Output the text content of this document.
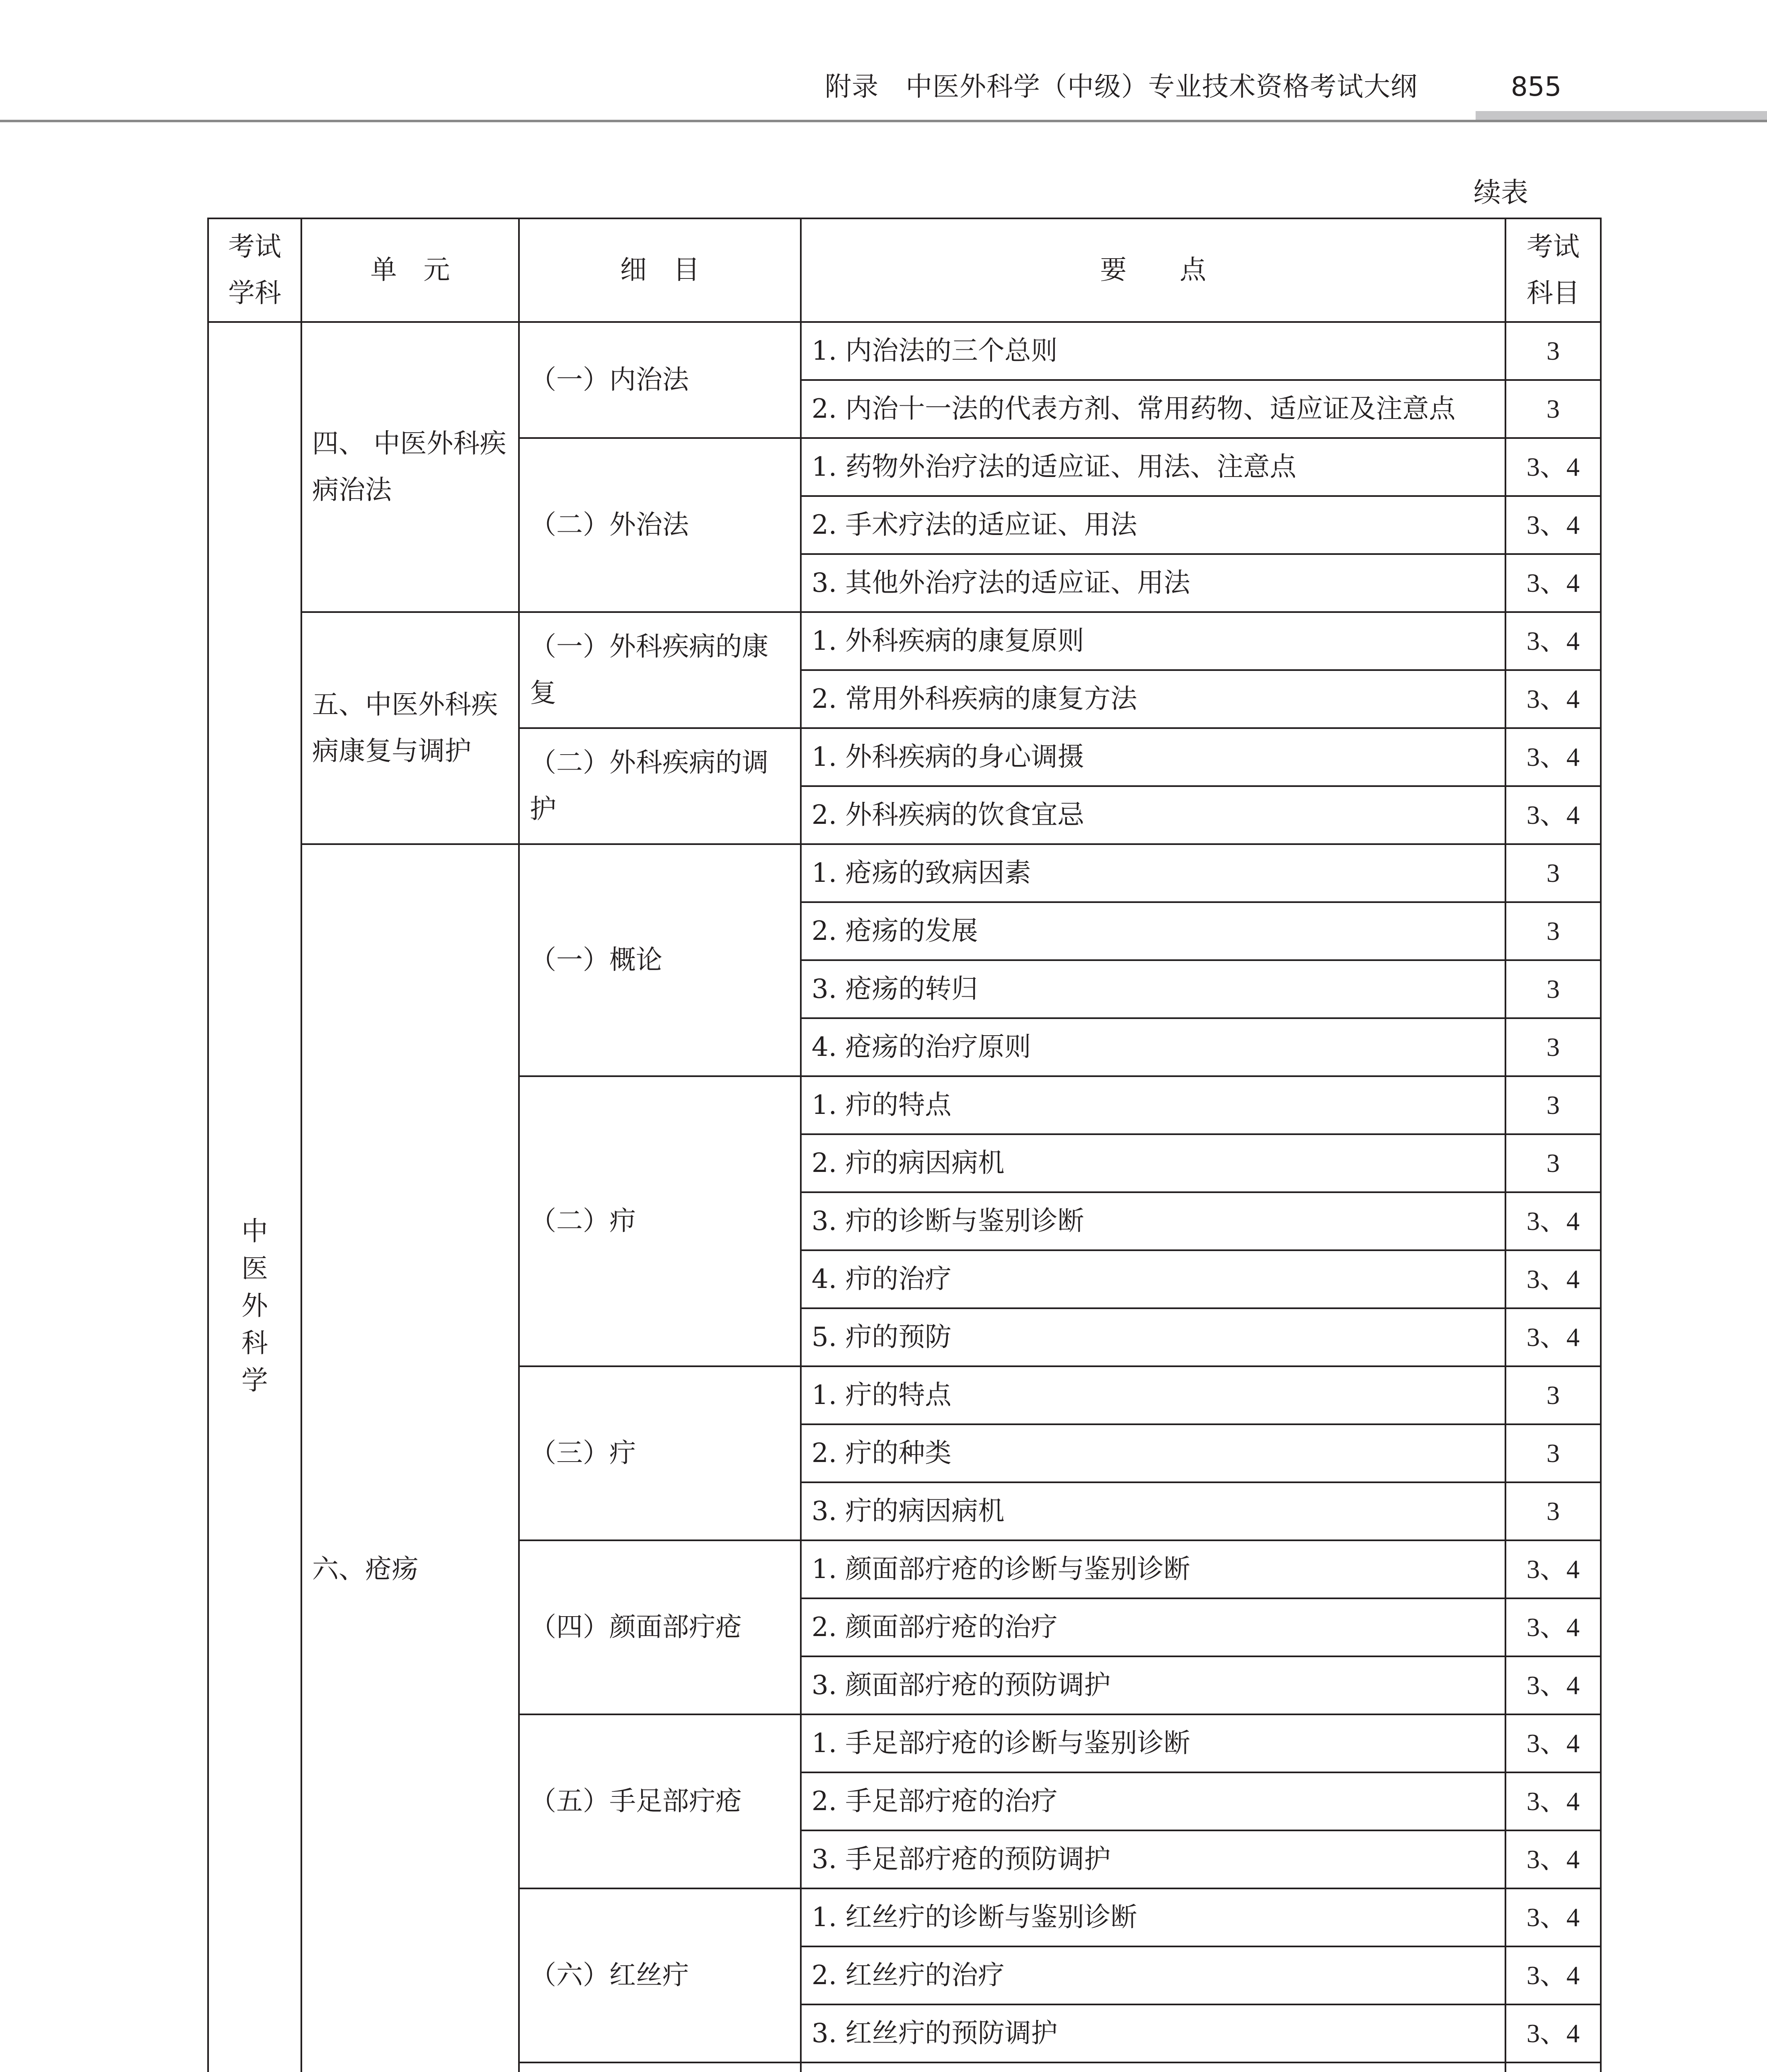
附录　中医外科学（中级）专业技术资格考试大纲	855
续表
考试学科	单　元	细　目	要　　点	考试科目
中医外科学	四、 中医外科疾病治法	（一）内治法	1. 内治法的三个总则	3
			2. 内治十一法的代表方剂、常用药物、适应证及注意点	3
		（二）外治法	1. 药物外治疗法的适应证、用法、注意点	3、4
			2. 手术疗法的适应证、用法	3、4
			3. 其他外治疗法的适应证、用法	3、4
	五、中医外科疾病康复与调护	（一）外科疾病的康复	1. 外科疾病的康复原则	3、4
			2. 常用外科疾病的康复方法	3、4
		（二）外科疾病的调护	1. 外科疾病的身心调摄	3、4
			2. 外科疾病的饮食宜忌	3、4
	六、疮疡	（一）概论	1. 疮疡的致病因素	3
			2. 疮疡的发展	3
			3. 疮疡的转归	3
			4. 疮疡的治疗原则	3
		（二）疖	1. 疖的特点	3
			2. 疖的病因病机	3
			3. 疖的诊断与鉴别诊断	3、4
			4. 疖的治疗	3、4
			5. 疖的预防	3、4
		（三）疔	1. 疔的特点	3
			2. 疔的种类	3
			3. 疔的病因病机	3
		（四）颜面部疔疮	1. 颜面部疔疮的诊断与鉴别诊断	3、4
			2. 颜面部疔疮的治疗	3、4
			3. 颜面部疔疮的预防调护	3、4
		（五）手足部疔疮	1. 手足部疔疮的诊断与鉴别诊断	3、4
			2. 手足部疔疮的治疗	3、4
			3. 手足部疔疮的预防调护	3、4
		（六）红丝疔	1. 红丝疔的诊断与鉴别诊断	3、4
			2. 红丝疔的治疗	3、4
			3. 红丝疔的预防调护	3、4
